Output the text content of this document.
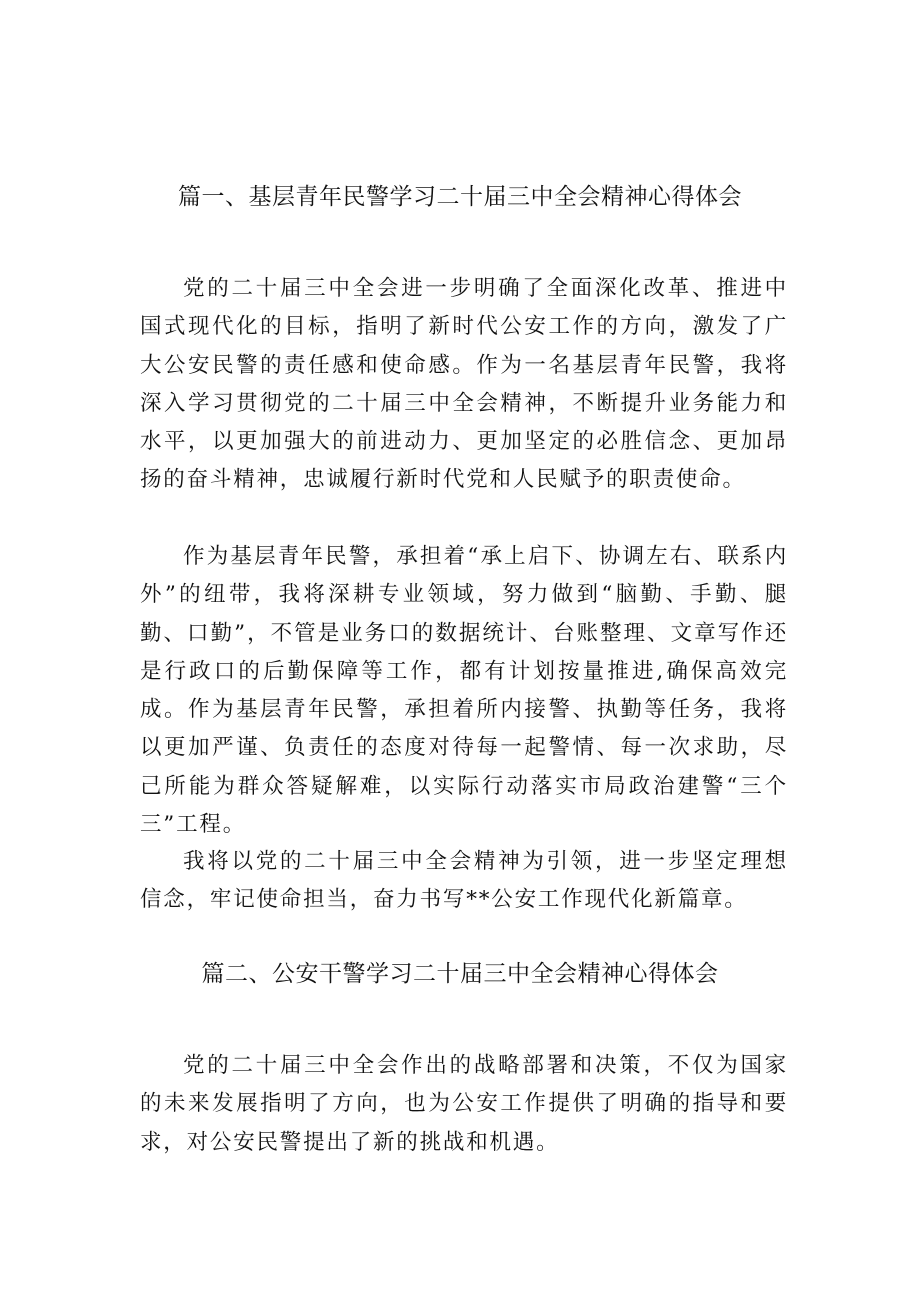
篇一、基层青年民警学习二十届三中全会精神心得体会

党的二十届三中全会进一步明确了全面深化改革、推进中国式现代化的目标，指明了新时代公安工作的方向，激发了广大公安民警的责任感和使命感。作为一名基层青年民警，我将深入学习贯彻党的二十届三中全会精神，不断提升业务能力和水平，以更加强大的前进动力、更加坚定的必胜信念、更加昂扬的奋斗精神，忠诚履行新时代党和人民赋予的职责使命。

作为基层青年民警，承担着“承上启下、协调左右、联系内外”的纽带，我将深耕专业领域，努力做到“脑勤、手勤、腿勤、口勤”，不管是业务口的数据统计、台账整理、文章写作还是行政口的后勤保障等工作，都有计划按量推进,确保高效完成。作为基层青年民警，承担着所内接警、执勤等任务，我将以更加严谨、负责任的态度对待每一起警情、每一次求助，尽己所能为群众答疑解难，以实际行动落实市局政治建警“三个三”工程。

我将以党的二十届三中全会精神为引领，进一步坚定理想信念，牢记使命担当，奋力书写**公安工作现代化新篇章。

篇二、公安干警学习二十届三中全会精神心得体会

党的二十届三中全会作出的战略部署和决策，不仅为国家的未来发展指明了方向，也为公安工作提供了明确的指导和要求，对公安民警提出了新的挑战和机遇。
